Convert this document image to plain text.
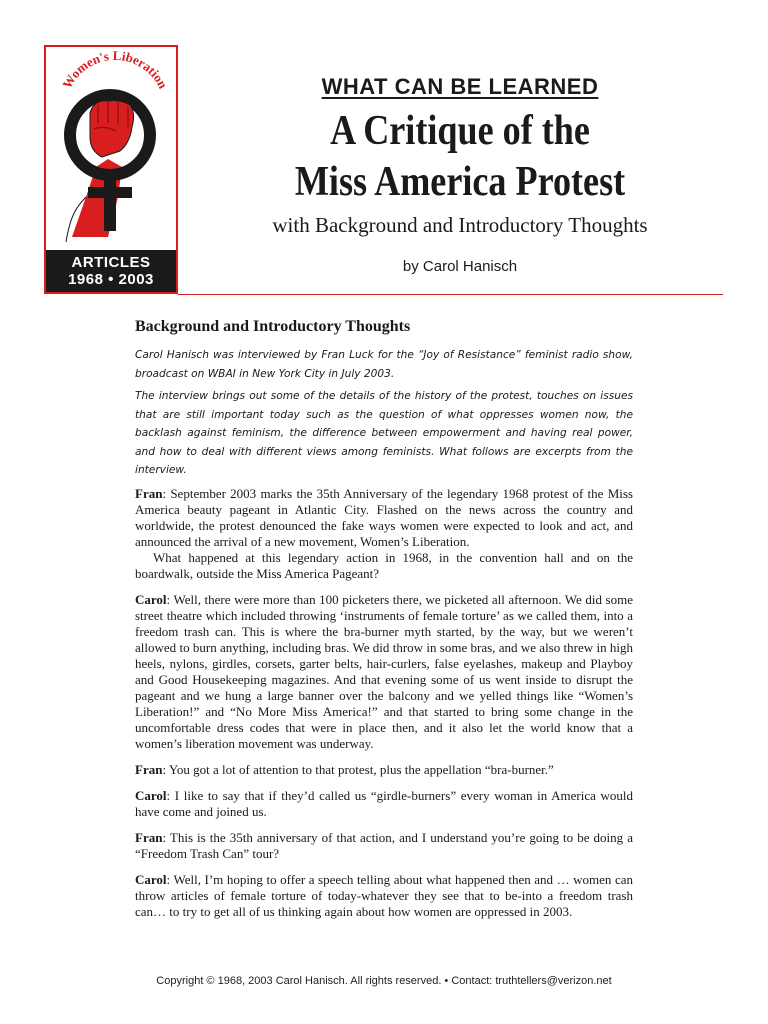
Women's Liberation
ARTICLES
1968 • 2003
WHAT CAN BE LEARNED
A Critique of the
Miss America Protest
with Background and Introductory Thoughts
by Carol Hanisch
Background and Introductory Thoughts

Carol Hanisch was interviewed by Fran Luck for the “Joy of Resistance” feminist radio show, broadcast on WBAI in New York City in July 2003.

The interview brings out some of the details of the history of the protest, touches on issues that are still important today such as the question of what oppresses women now, the backlash against feminism, the difference between empowerment and having real power, and how to deal with different views among feminists. What follows are excerpts from the interview.

Fran: September 2003 marks the 35th Anniversary of the legendary 1968 protest of the Miss America beauty pageant in Atlantic City. Flashed on the news across the country and worldwide, the protest denounced the fake ways women were expected to look and act, and announced the arrival of a new movement, Women’s Liberation.

What happened at this legendary action in 1968, in the convention hall and on the boardwalk, outside the Miss America Pageant?

Carol: Well, there were more than 100 picketers there, we picketed all afternoon. We did some street theatre which included throwing ‘instruments of female torture’ as we called them, into a freedom trash can. This is where the bra-burner myth started, by the way, but we weren’t allowed to burn anything, including bras. We did throw in some bras, and we also threw in high heels, nylons, girdles, corsets, garter belts, hair-curlers, false eyelashes, makeup and Playboy and Good Housekeeping magazines. And that evening some of us went inside to disrupt the pageant and we hung a large banner over the balcony and we yelled things like “Women’s Liberation!” and “No More Miss America!” and that started to bring some change in the uncomfortable dress codes that were in place then, and it also let the world know that a women’s liberation movement was underway.

Fran: You got a lot of attention to that protest, plus the appellation “bra-burner.”

Carol: I like to say that if they’d called us “girdle-burners” every woman in America would have come and joined us.

Fran: This is the 35th anniversary of that action, and I understand you’re going to be doing a “Freedom Trash Can” tour?

Carol: Well, I’m hoping to offer a speech telling about what happened then and … women can throw articles of female torture of today-whatever they see that to be-into a freedom trash can… to try to get all of us thinking again about how women are oppressed in 2003.

Copyright © 1968, 2003 Carol Hanisch. All rights reserved. • Contact: truthtellers@verizon.net
